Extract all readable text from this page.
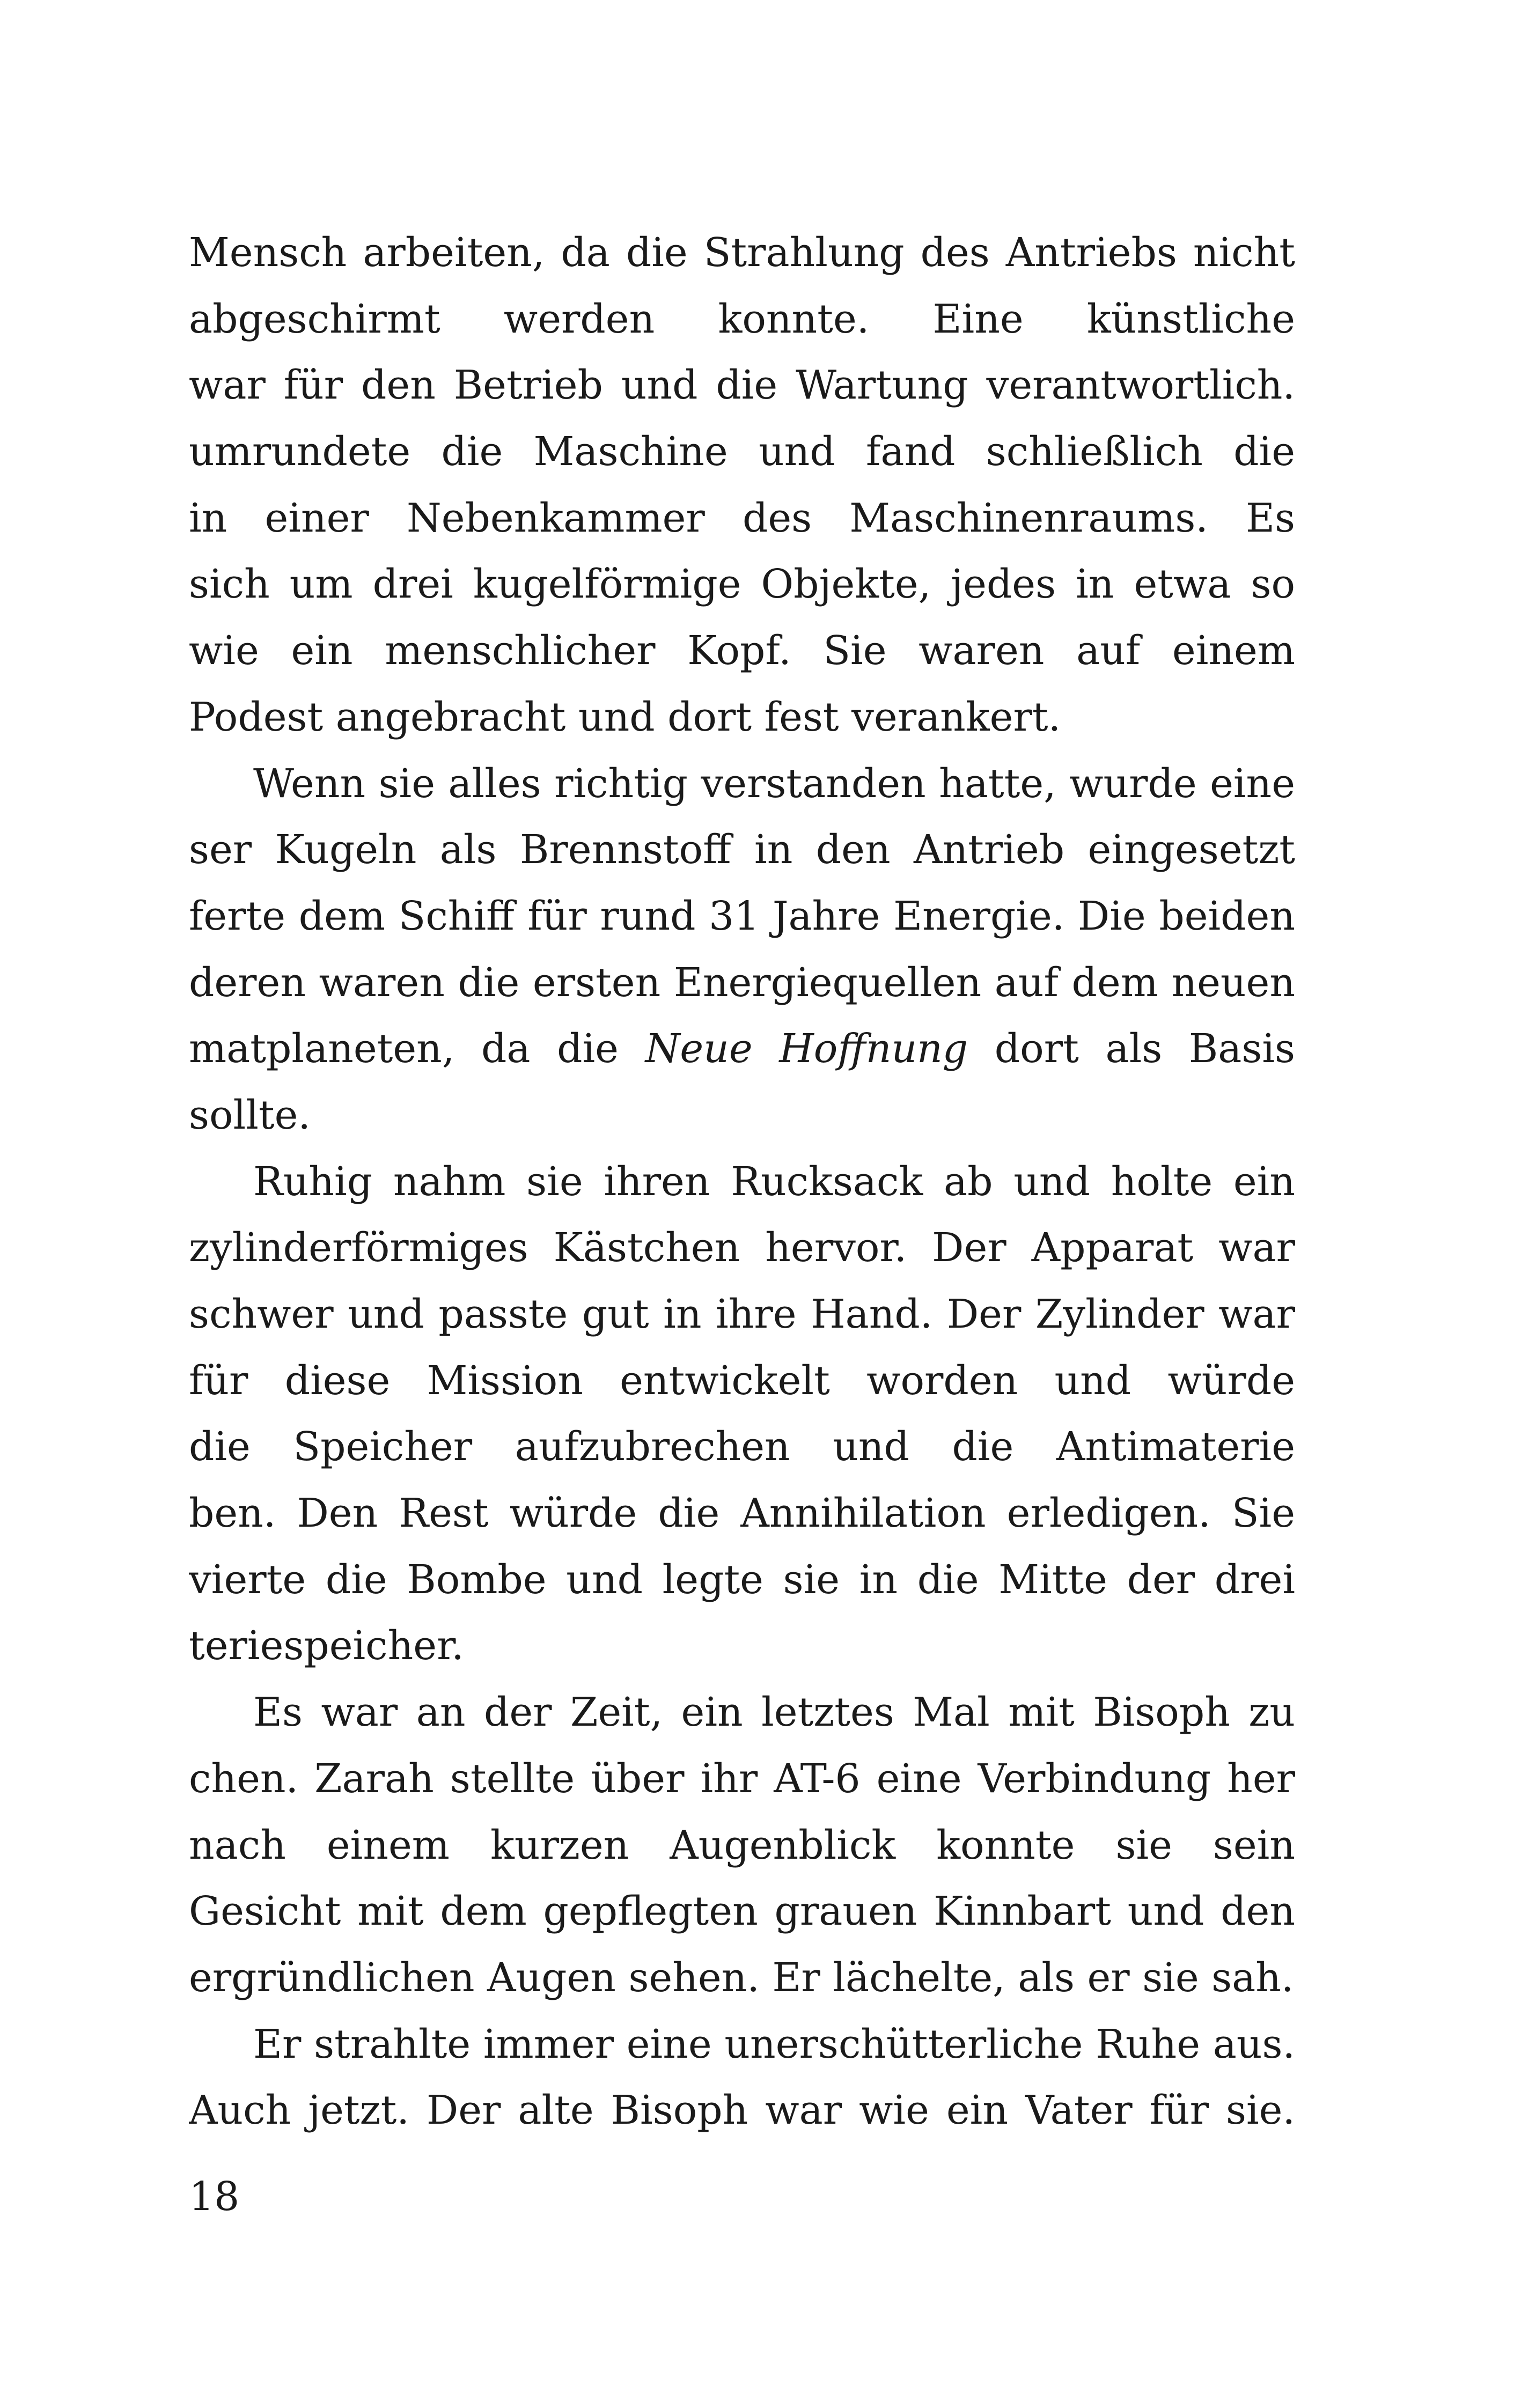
Mensch arbeiten, da die Strahlung des Antriebs nicht
abgeschirmt werden konnte. Eine künstliche
war für den Betrieb und die Wartung verantwortlich.
umrundete die Maschine und fand schließlich die
in einer Nebenkammer des Maschinenraums. Es
sich um drei kugelförmige Objekte, jedes in etwa so
wie ein menschlicher Kopf. Sie waren auf einem
Podest angebracht und dort fest verankert.
Wenn sie alles richtig verstanden hatte, wurde eine
ser Kugeln als Brennstoff in den Antrieb eingesetzt
ferte dem Schiff für rund 31 Jahre Energie. Die beiden
deren waren die ersten Energiequellen auf dem neuen
matplaneten, da die Neue Hoffnung dort als Basis
sollte.
Ruhig nahm sie ihren Rucksack ab und holte ein
zylinderförmiges Kästchen hervor. Der Apparat war
schwer und passte gut in ihre Hand. Der Zylinder war
für diese Mission entwickelt worden und würde
die Speicher aufzubrechen und die Antimaterie
ben. Den Rest würde die Annihilation erledigen. Sie
vierte die Bombe und legte sie in die Mitte der drei
teriespeicher.
Es war an der Zeit, ein letztes Mal mit Bisoph zu
chen. Zarah stellte über ihr AT-6 eine Verbindung her
nach einem kurzen Augenblick konnte sie sein
Gesicht mit dem gepflegten grauen Kinnbart und den
ergründlichen Augen sehen. Er lächelte, als er sie sah.
Er strahlte immer eine unerschütterliche Ruhe aus.
Auch jetzt. Der alte Bisoph war wie ein Vater für sie.
18
